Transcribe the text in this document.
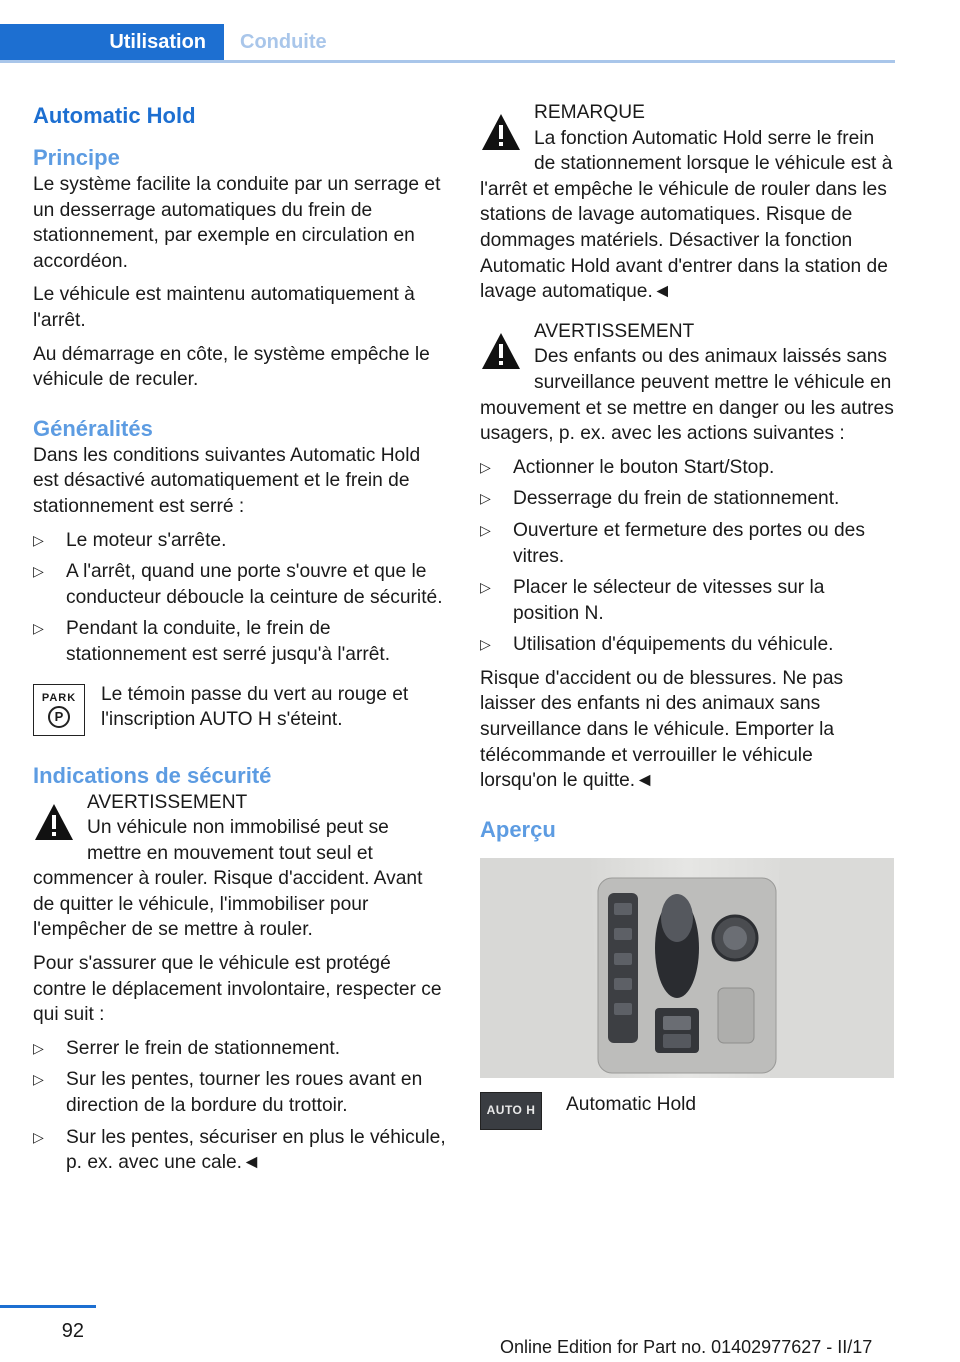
Utilisation	Conduite
Automatic Hold
Principe

Le système facilite la conduite par un serrage et un desserrage automatiques du frein de stationnement, par exemple en circulation en accordéon.

Le véhicule est maintenu automatiquement à l'arrêt.

Au démarrage en côte, le système empêche le véhicule de reculer.

Généralités

Dans les conditions suivantes Automatic Hold est désactivé automatiquement et le frein de stationnement est serré :

▷ Le moteur s'arrête.
▷ A l'arrêt, quand une porte s'ouvre et que le conducteur déboucle la ceinture de sécurité.
▷ Pendant la conduite, le frein de stationnement est serré jusqu'à l'arrêt.
PARK
P
Le témoin passe du vert au rouge et l'inscription AUTO H s'éteint.
Indications de sécurité
AVERTISSEMENT
Un véhicule non immobilisé peut se mettre en mouvement tout seul et commencer à rouler. Risque d'accident. Avant de quitter le véhicule, l'immobiliser pour l'empêcher de se mettre à rouler.

Pour s'assurer que le véhicule est protégé contre le déplacement involontaire, respecter ce qui suit :

▷ Serrer le frein de stationnement.
▷ Sur les pentes, tourner les roues avant en direction de la bordure du trottoir.
▷ Sur les pentes, sécuriser en plus le véhicule, p. ex. avec une cale.◄
REMARQUE
La fonction Automatic Hold serre le frein de stationnement lorsque le véhicule est à l'arrêt et empêche le véhicule de rouler dans les stations de lavage automatiques. Risque de dommages matériels. Désactiver la fonction Automatic Hold avant d'entrer dans la station de lavage automatique.◄
AVERTISSEMENT
Des enfants ou des animaux laissés sans surveillance peuvent mettre le véhicule en mouvement et se mettre en danger ou les autres usagers, p. ex. avec les actions suivantes :
▷ Actionner le bouton Start/Stop.
▷ Desserrage du frein de stationnement.
▷ Ouverture et fermeture des portes ou des vitres.
▷ Placer le sélecteur de vitesses sur la position N.
▷ Utilisation d'équipements du véhicule.

Risque d'accident ou de blessures. Ne pas laisser des enfants ni des animaux sans surveillance dans le véhicule. Emporter la télécommande et verrouiller le véhicule lorsqu'on le quitte.◄

Aperçu
AUTO H	Automatic Hold
92
Online Edition for Part no. 01402977627 - II/17
